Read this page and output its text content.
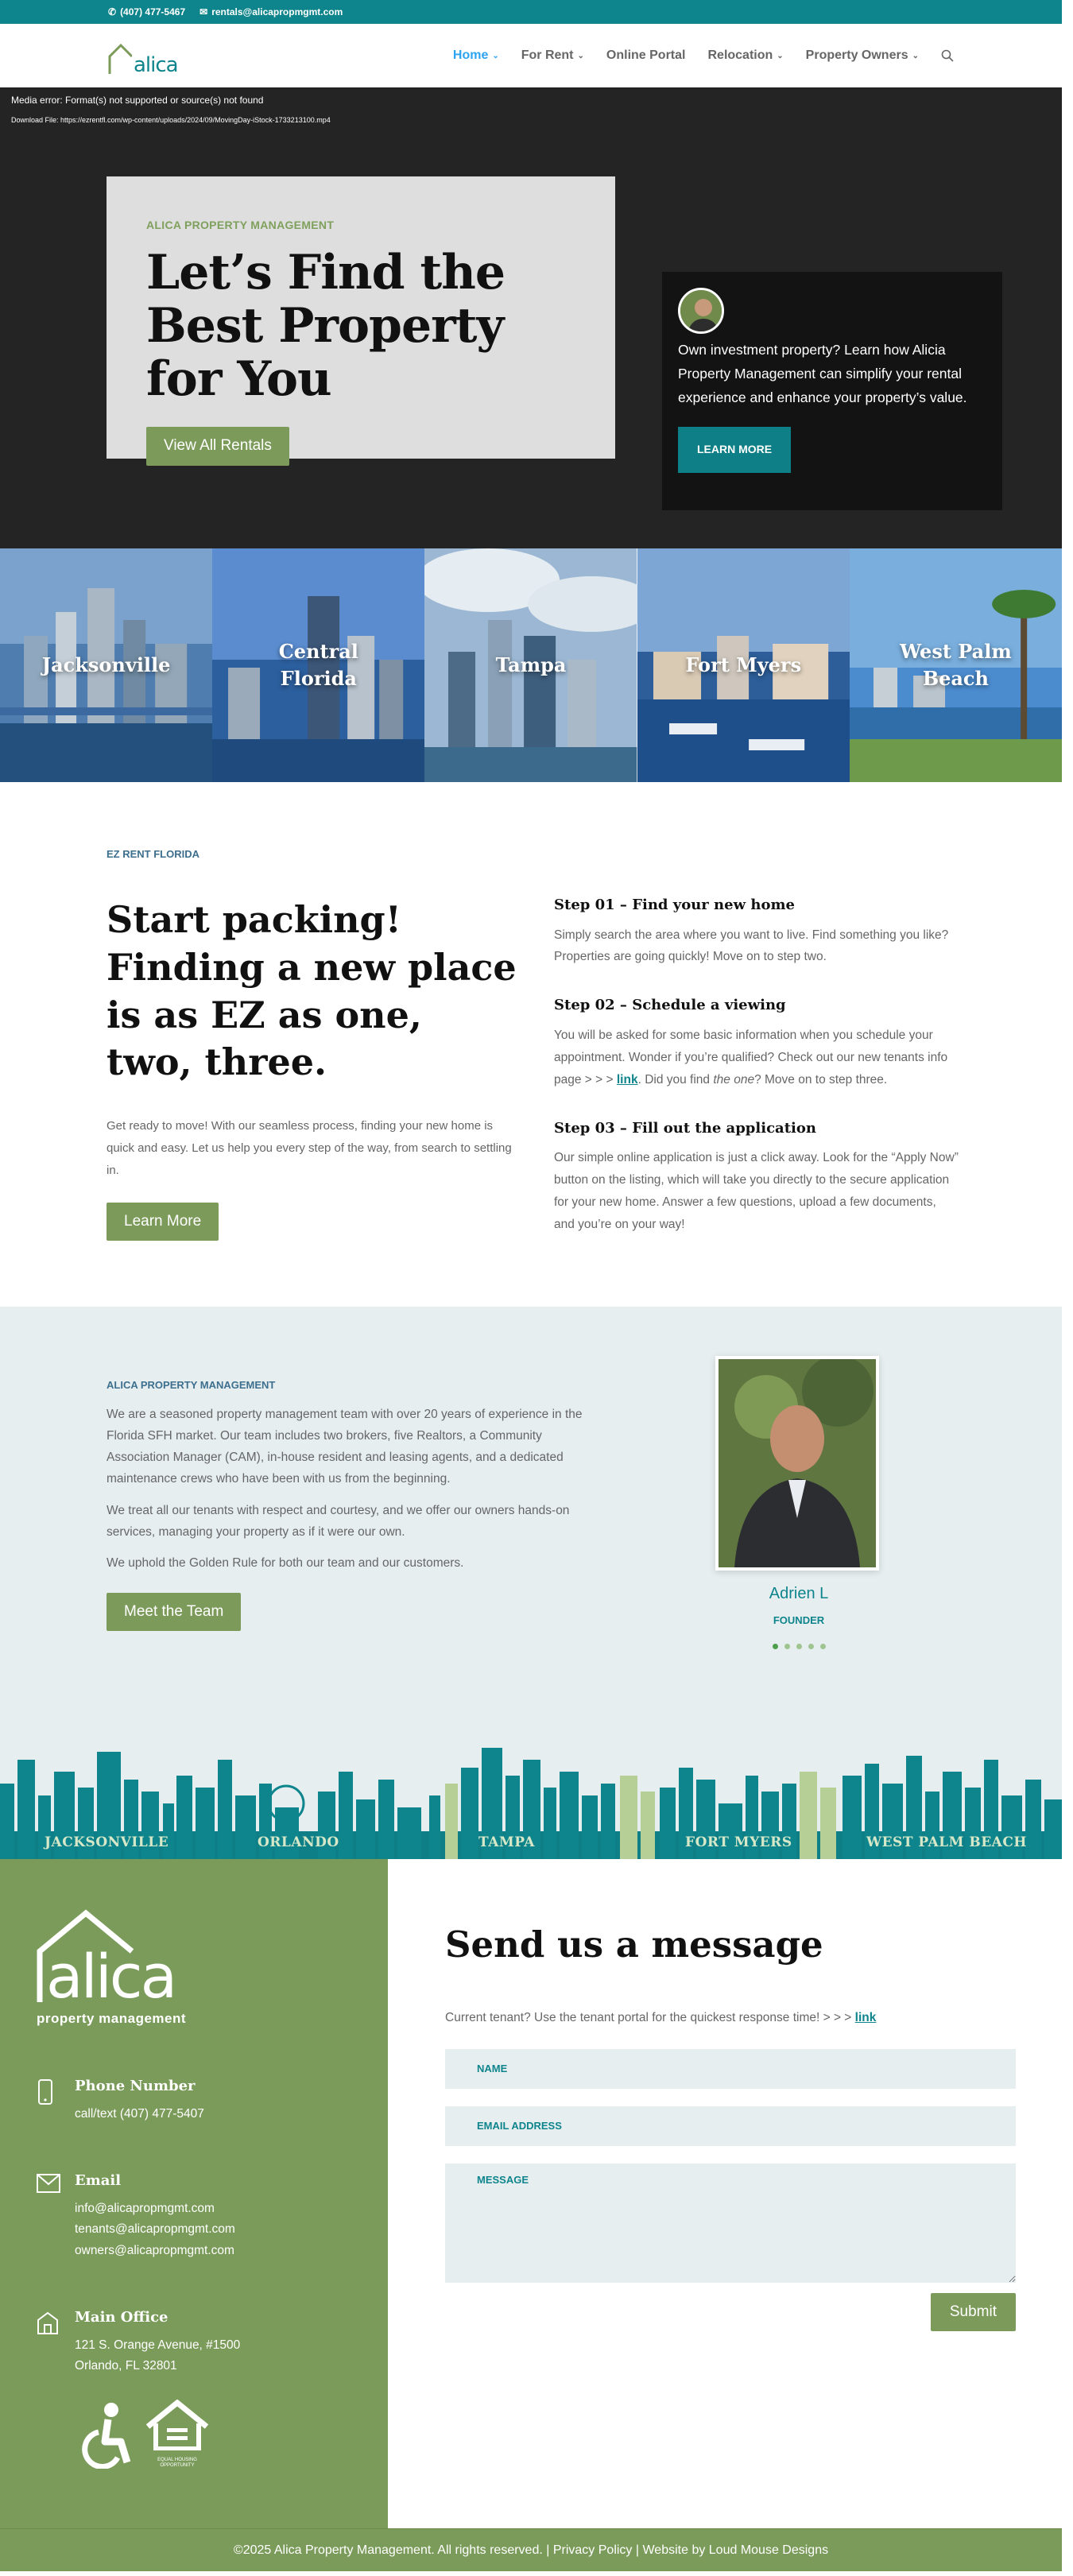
✆ (407) 477-5467 ✉ rentals@alicapropmgmt.com
alica	Home ⌄ For Rent ⌄ Online Portal Relocation ⌄ Property Owners ⌄
Media error: Format(s) not supported or source(s) not found
Download File: https://ezrentfl.com/wp-content/uploads/2024/09/MovingDay-iStock-1733213100.mp4
ALICA PROPERTY MANAGEMENT
Let’s Find the Best Property for You
View All Rentals

Own investment property? Learn how Alicia Property Management can simplify your rental experience and enhance your property’s value.

LEARN MORE
Jacksonville
Central Florida
Tampa	Fort Myers
West Palm Beach
EZ RENT FLORIDA
Start packing! Finding a new place is as EZ as one, two, three.

Get ready to move! With our seamless process, finding your new home is quick and easy. Let us help you every step of the way, from search to settling in.

Learn More
Step 01 – Find your new home

Simply search the area where you want to live. Find something you like? Properties are going quickly! Move on to step two.

Step 02 – Schedule a viewing

You will be asked for some basic information when you schedule your appointment. Wonder if you’re qualified? Check out our new tenants info page > > > link. Did you find the one? Move on to step three.

Step 03 – Fill out the application

Our simple online application is just a click away. Look for the “Apply Now” button on the listing, which will take you directly to the secure application for your new home. Answer a few questions, upload a few documents, and you’re on your way!

ALICA PROPERTY MANAGEMENT

We are a seasoned property management team with over 20 years of experience in the Florida SFH market. Our team includes two brokers, five Realtors, a Community Association Manager (CAM), in-house resident and leasing agents, and a dedicated maintenance crews who have been with us from the beginning.

We treat all our tenants with respect and courtesy, and we offer our owners hands-on services, managing your property as if it were our own.

We uphold the Golden Rule for both our team and our customers.

Meet the Team
Adrien L
FOUNDER
JACKSONVILLE	ORLANDO	TAMPA	FORT MYERS	WEST PALM BEACH
alica
property management
Phone Number
call/text (407) 477-5407
Email
info@alicapropmgmt.com
tenants@alicapropmgmt.com
owners@alicapropmgmt.com
Main Office
121 S. Orange Avenue, #1500
Orlando, FL 32801
EQUAL HOUSING OPPORTUNITY
Send us a message

Current tenant? Use the tenant portal for the quickest response time! > > > link

NAME
EMAIL ADDRESS
MESSAGE
Submit
©2025 Alica Property Management. All rights reserved.
|
Privacy Policy
|
Website by Loud Mouse Designs
